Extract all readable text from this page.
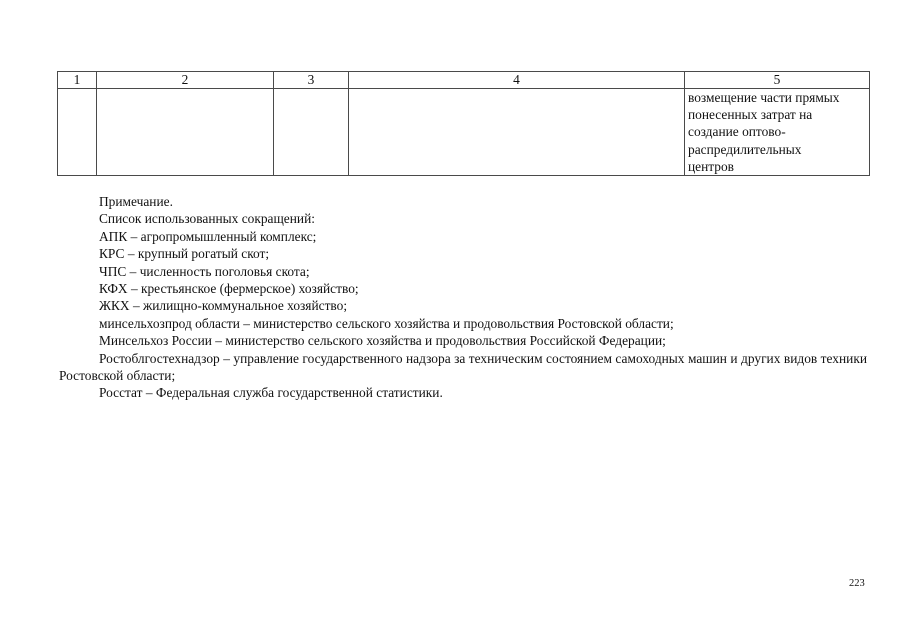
1	2	3	4	5
				возмещение части прямых
понесенных затрат на
создание оптово-
распредилительных
центров

Примечание.

Список использованных сокращений:

АПК – агропромышленный комплекс;

КРС – крупный рогатый скот;

ЧПС – численность поголовья скота;

КФХ – крестьянское (фермерское) хозяйство;

ЖКХ – жилищно-коммунальное хозяйство;

минсельхозпрод области – министерство сельского хозяйства и продовольствия Ростовской области;

Минсельхоз России – министерство сельского хозяйства и продовольствия Российской Федерации;

Ростоблгостехнадзор – управление государственного надзора за техническим состоянием самоходных машин и других видов техники Ростовской области;

Росстат – Федеральная служба государственной статистики.

223
